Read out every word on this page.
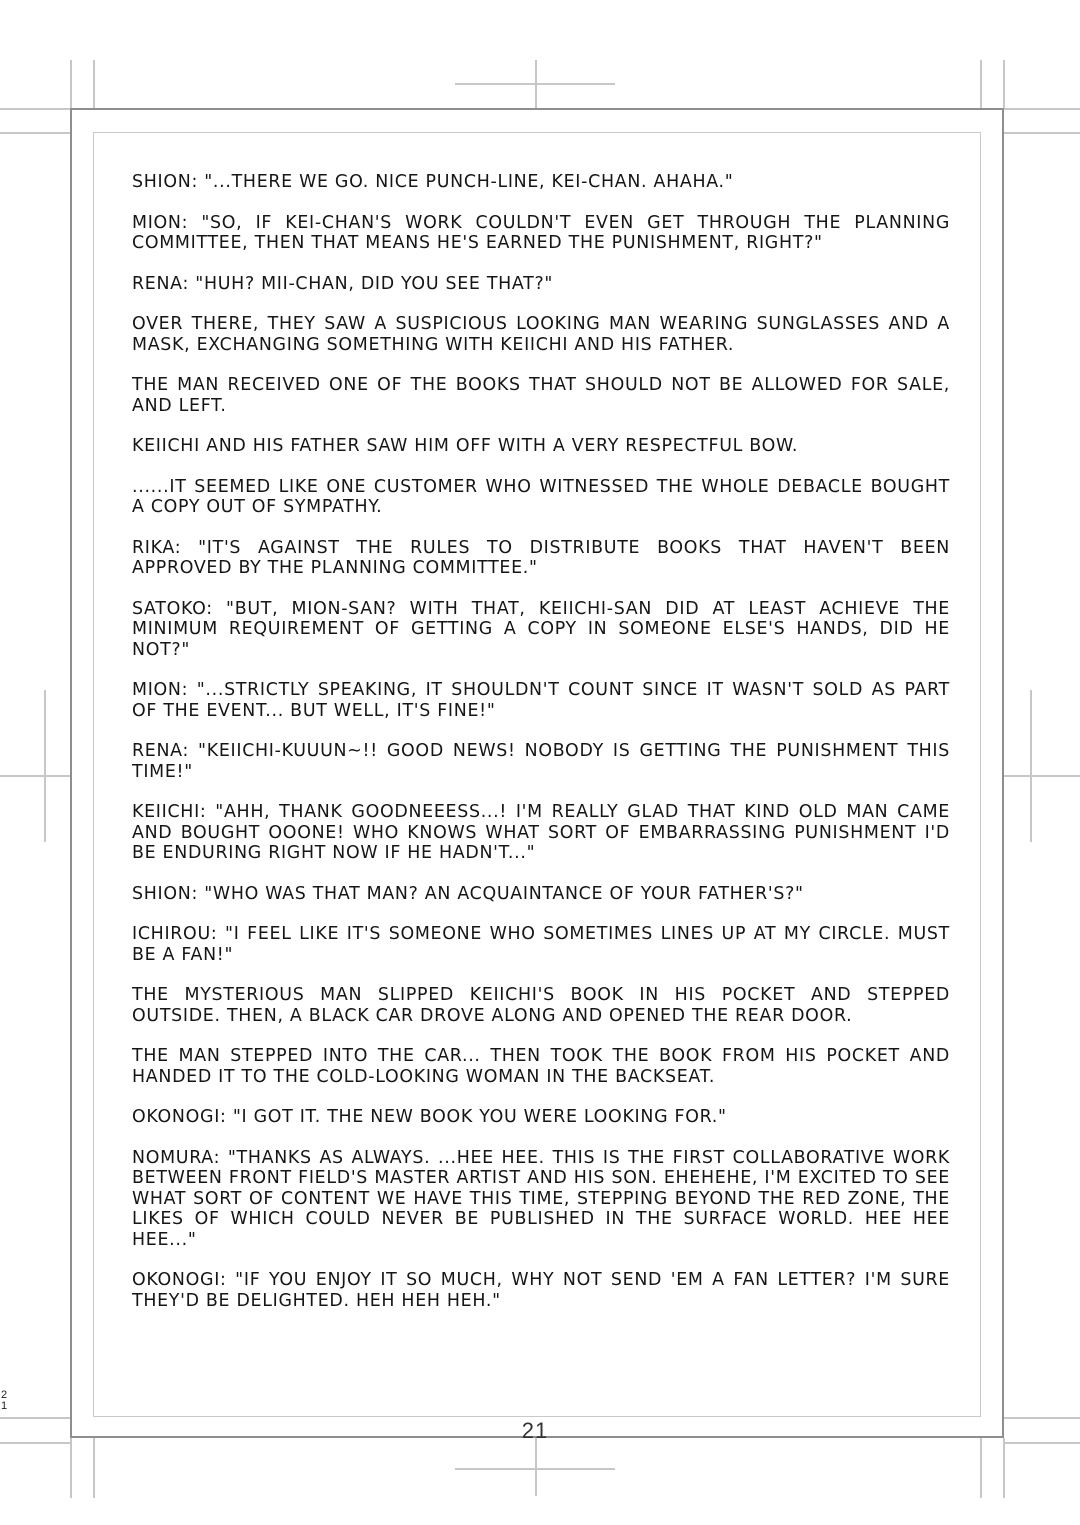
SHION: "...THERE WE GO. NICE PUNCH-LINE, KEI-CHAN. AHAHA."

MION: "SO, IF KEI-CHAN'S WORK COULDN'T EVEN GET THROUGH THE PLANNING COMMITTEE, THEN THAT MEANS HE'S EARNED THE PUNISHMENT, RIGHT?"

RENA: "HUH? MII-CHAN, DID YOU SEE THAT?"

OVER THERE, THEY SAW A SUSPICIOUS LOOKING MAN WEARING SUNGLASSES AND A MASK, EXCHANGING SOMETHING WITH KEIICHI AND HIS FATHER.

THE MAN RECEIVED ONE OF THE BOOKS THAT SHOULD NOT BE ALLOWED FOR SALE, AND LEFT.

KEIICHI AND HIS FATHER SAW HIM OFF WITH A VERY RESPECTFUL BOW.

......IT SEEMED LIKE ONE CUSTOMER WHO WITNESSED THE WHOLE DEBACLE BOUGHT A COPY OUT OF SYMPATHY.

RIKA: "IT'S AGAINST THE RULES TO DISTRIBUTE BOOKS THAT HAVEN'T BEEN APPROVED BY THE PLANNING COMMITTEE."

SATOKO: "BUT, MION-SAN? WITH THAT, KEIICHI-SAN DID AT LEAST ACHIEVE THE MINIMUM REQUIREMENT OF GETTING A COPY IN SOMEONE ELSE'S HANDS, DID HE NOT?"

MION: "...STRICTLY SPEAKING, IT SHOULDN'T COUNT SINCE IT WASN'T SOLD AS PART OF THE EVENT... BUT WELL, IT'S FINE!"

RENA: "KEIICHI-KUUUN~!! GOOD NEWS! NOBODY IS GETTING THE PUNISHMENT THIS TIME!"

KEIICHI: "AHH, THANK GOODNEEESS...! I'M REALLY GLAD THAT KIND OLD MAN CAME AND BOUGHT OOONE! WHO KNOWS WHAT SORT OF EMBARRASSING PUNISHMENT I'D BE ENDURING RIGHT NOW IF HE HADN'T..."

SHION: "WHO WAS THAT MAN? AN ACQUAINTANCE OF YOUR FATHER'S?"

ICHIROU: "I FEEL LIKE IT'S SOMEONE WHO SOMETIMES LINES UP AT MY CIRCLE. MUST BE A FAN!"

THE MYSTERIOUS MAN SLIPPED KEIICHI'S BOOK IN HIS POCKET AND STEPPED OUTSIDE. THEN, A BLACK CAR DROVE ALONG AND OPENED THE REAR DOOR.

THE MAN STEPPED INTO THE CAR... THEN TOOK THE BOOK FROM HIS POCKET AND HANDED IT TO THE COLD-LOOKING WOMAN IN THE BACKSEAT.

OKONOGI: "I GOT IT. THE NEW BOOK YOU WERE LOOKING FOR."

NOMURA: "THANKS AS ALWAYS. ...HEE HEE. THIS IS THE FIRST COLLABORATIVE WORK BETWEEN FRONT FIELD'S MASTER ARTIST AND HIS SON. EHEHEHE, I'M EXCITED TO SEE WHAT SORT OF CONTENT WE HAVE THIS TIME, STEPPING BEYOND THE RED ZONE, THE LIKES OF WHICH COULD NEVER BE PUBLISHED IN THE SURFACE WORLD. HEE HEE HEE..."

OKONOGI: "IF YOU ENJOY IT SO MUCH, WHY NOT SEND 'EM A FAN LETTER? I'M SURE THEY'D BE DELIGHTED. HEH HEH HEH."

21
2 1
